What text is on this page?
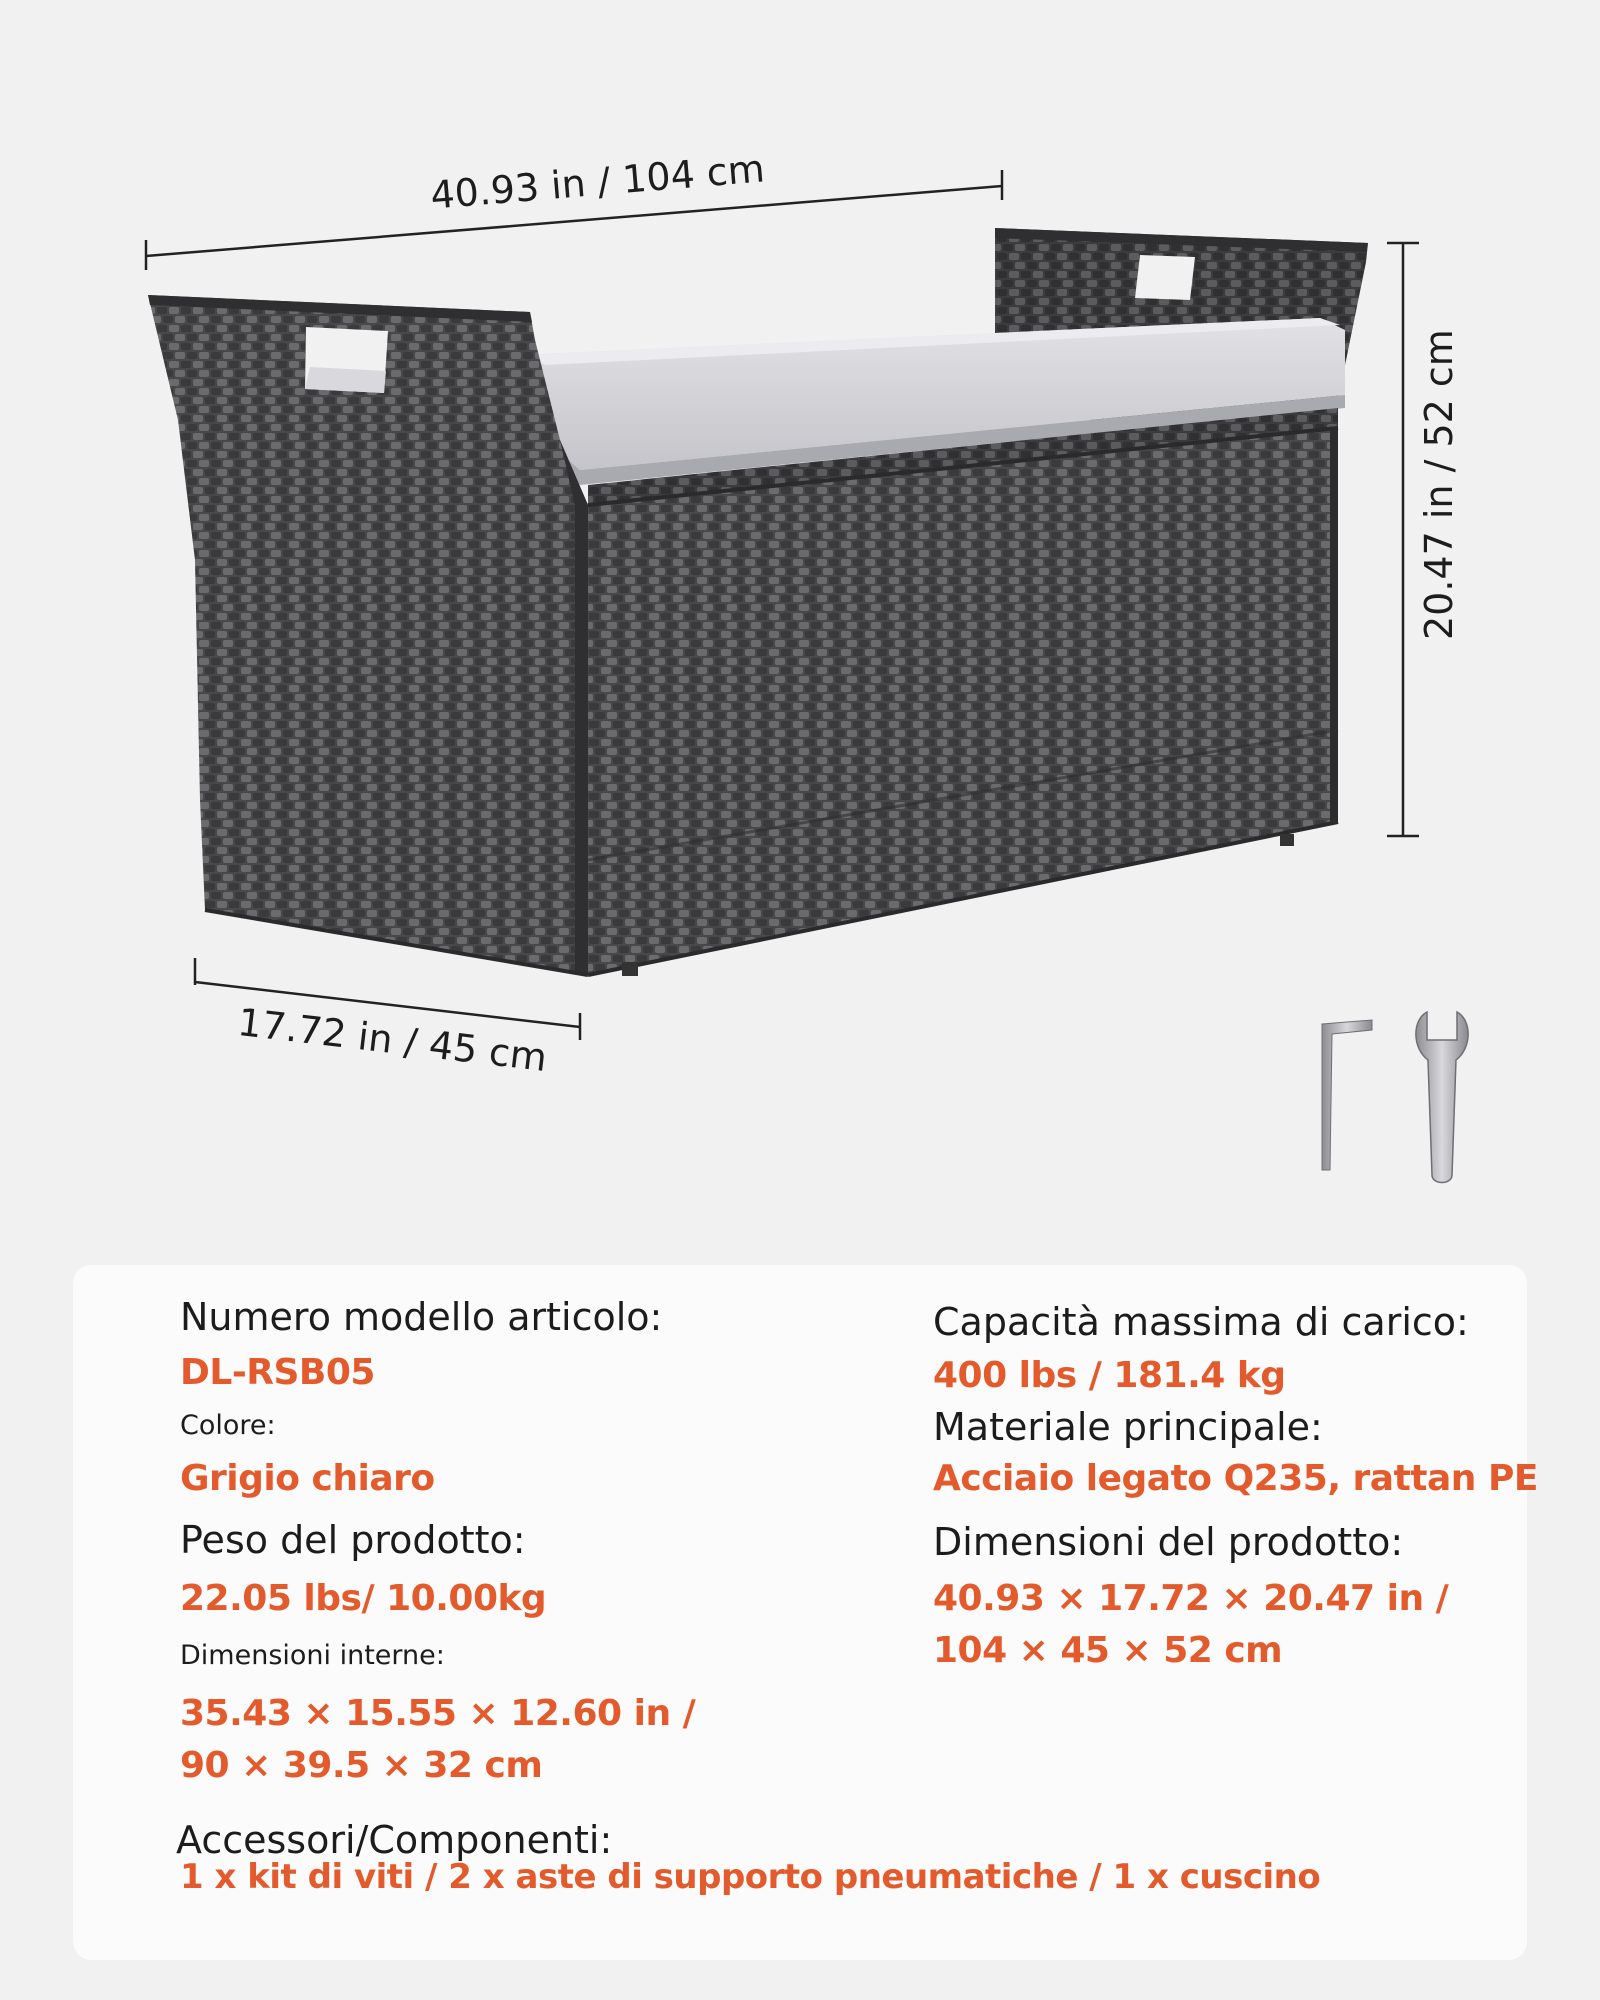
40.93 in / 104 cm
20.47 in / 52 cm
17.72 in / 45 cm
Numero modello articolo:
DL-RSB05
Colore:
Grigio chiaro
Peso del prodotto:
22.05 lbs/ 10.00kg
Dimensioni interne:
35.43 × 15.55 × 12.60 in /
90 × 39.5 × 32 cm
Capacità massima di carico:
400 lbs / 181.4 kg
Materiale principale:
Acciaio legato Q235, rattan PE
Dimensioni del prodotto:
40.93 × 17.72 × 20.47 in /
104 × 45 × 52 cm
Accessori/Componenti:
1 x kit di viti / 2 x aste di supporto pneumatiche / 1 x cuscino
